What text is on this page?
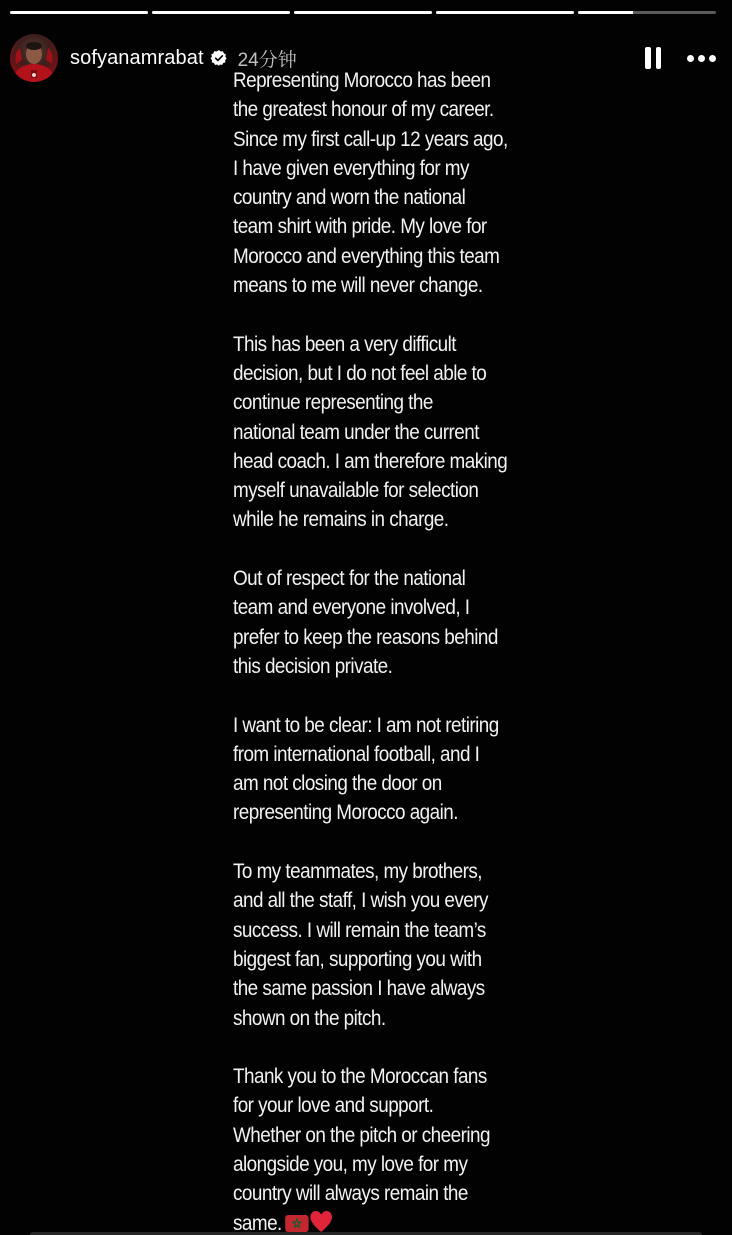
sofyanamrabat 24分钟

Representing Morocco has been
the greatest honour of my career.
Since my first call-up 12 years ago,
I have given everything for my
country and worn the national
team shirt with pride. My love for
Morocco and everything this team
means to me will never change.

This has been a very difficult
decision, but I do not feel able to
continue representing the
national team under the current
head coach. I am therefore making
myself unavailable for selection
while he remains in charge.

Out of respect for the national
team and everyone involved, I
prefer to keep the reasons behind
this decision private.

I want to be clear: I am not retiring
from international football, and I
am not closing the door on
representing Morocco again.

To my teammates, my brothers,
and all the staff, I wish you every
success. I will remain the team’s
biggest fan, supporting you with
the same passion I have always
shown on the pitch.

Thank you to the Moroccan fans
for your love and support.
Whether on the pitch or cheering
alongside you, my love for my
country will always remain the
same.
